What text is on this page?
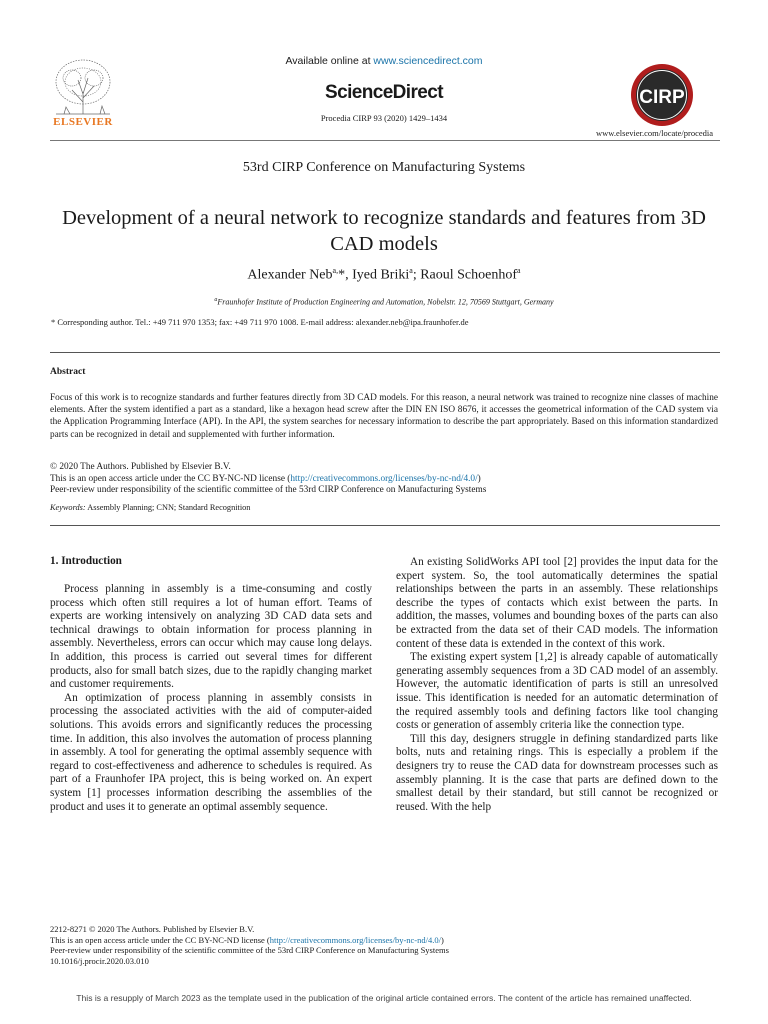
Available online at www.sciencedirect.com
ScienceDirect
Procedia CIRP 93 (2020) 1429–1434
www.elsevier.com/locate/procedia
ELSEVIER
CIRP
53rd CIRP Conference on Manufacturing Systems
Development of a neural network to recognize standards and features from 3D CAD models
Alexander Neb$^{a,}$*, Iyed Briki$^a$; Raoul Schoenhof$^a$
$^a$Fraunhofer Institute of Production Engineering and Automation, Nobelstr. 12, 70569 Stuttgart, Germany
* Corresponding author. Tel.: +49 711 970 1353; fax: +49 711 970 1008. E-mail address: alexander.neb@ipa.fraunhofer.de
Abstract
Focus of this work is to recognize standards and further features directly from 3D CAD models. For this reason, a neural network was trained to recognize nine classes of machine elements. After the system identified a part as a standard, like a hexagon head screw after the DIN EN ISO 8676, it accesses the geometrical information of the CAD system via the Application Programming Interface (API). In the API, the system searches for necessary information to describe the part appropriately. Based on this information standardized parts can be recognized in detail and supplemented with further information.
© 2020 The Authors. Published by Elsevier B.V.
This is an open access article under the CC BY-NC-ND license (http://creativecommons.org/licenses/by-nc-nd/4.0/)
Peer-review under responsibility of the scientific committee of the 53rd CIRP Conference on Manufacturing Systems
Keywords: Assembly Planning; CNN; Standard Recognition
1. Introduction

Process planning in assembly is a time-consuming and costly process which often still requires a lot of human effort. Teams of experts are working intensively on analyzing 3D CAD data sets and technical drawings to obtain information for process planning in assembly. Nevertheless, errors can occur which may cause long delays. In addition, this process is carried out several times for different products, also for small batch sizes, due to the rapidly changing market and customer requirements.

An optimization of process planning in assembly consists in processing the associated activities with the aid of computer-aided solutions. This avoids errors and significantly reduces the processing time. In addition, this also involves the automation of process planning in assembly. A tool for generating the optimal assembly sequence with regard to cost-effectiveness and adherence to schedules is required. As part of a Fraunhofer IPA project, this is being worked on. An expert system [1] processes information describing the assemblies of the product and uses it to generate an optimal assembly sequence.

An existing SolidWorks API tool [2] provides the input data for the expert system. So, the tool automatically determines the spatial relationships between the parts in an assembly. These relationships describe the types of contacts which exist between the parts. In addition, the masses, volumes and bounding boxes of the parts can also be extracted from the data set of their CAD models. The information content of these data is extended in the context of this work.

The existing expert system [1,2] is already capable of automatically generating assembly sequences from a 3D CAD model of an assembly. However, the automatic identification of parts is still an unresolved issue. This identification is needed for an automatic determination of the required assembly tools and defining factors like tool changing costs or generation of assembly criteria like the connection type.

Till this day, designers struggle in defining standardized parts like bolts, nuts and retaining rings. This is especially a problem if the designers try to reuse the CAD data for downstream processes such as assembly planning. It is the case that parts are defined down to the smallest detail by their standard, but still cannot be recognized or reused. With the help

2212-8271 © 2020 The Authors. Published by Elsevier B.V.
This is an open access article under the CC BY-NC-ND license (http://creativecommons.org/licenses/by-nc-nd/4.0/)
Peer-review under responsibility of the scientific committee of the 53rd CIRP Conference on Manufacturing Systems
10.1016/j.procir.2020.03.010
This is a resupply of March 2023 as the template used in the publication of the original article contained errors. The content of the article has remained unaffected.
